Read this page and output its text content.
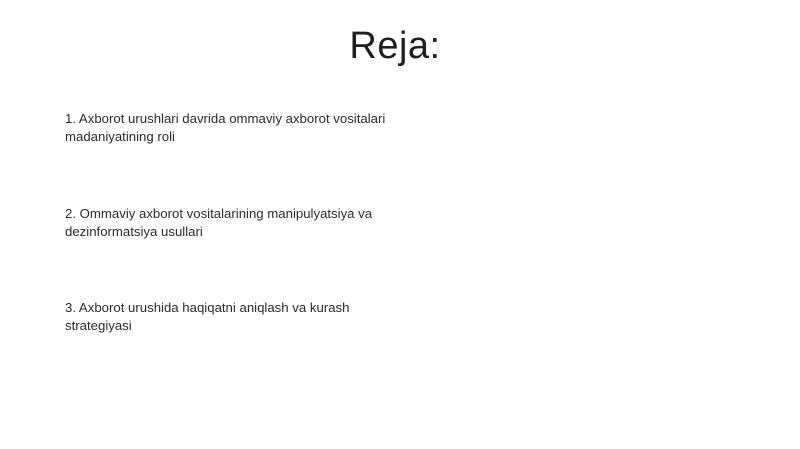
Reja:
1. Axborot urushlari davrida ommaviy axborot vositalari madaniyatining roli
2. Ommaviy axborot vositalarining manipulyatsiya va dezinformatsiya usullari
3. Axborot urushida haqiqatni aniqlash va kurash strategiyasi
